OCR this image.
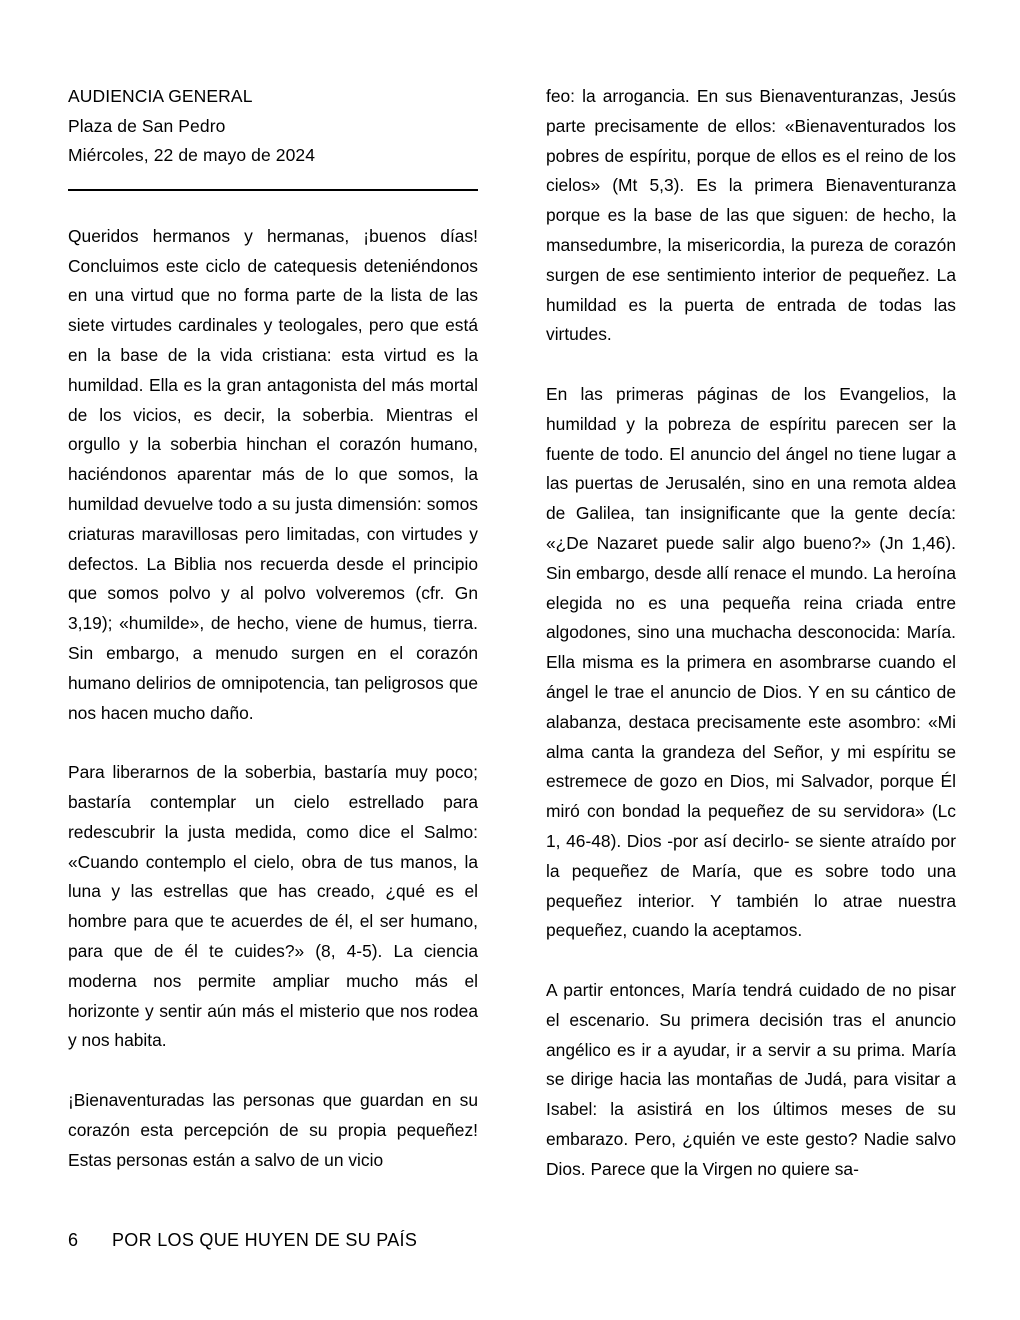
AUDIENCIA GENERAL
Plaza de San Pedro
Miércoles, 22 de mayo de 2024

Queridos hermanos y hermanas, ¡buenos días! Concluimos este ciclo de catequesis deteniéndonos en una virtud que no forma parte de la lista de las siete virtudes cardinales y teologales, pero que está en la base de la vida cristiana: esta virtud es la humildad. Ella es la gran antagonista del más mortal de los vicios, es decir, la soberbia. Mientras el orgullo y la soberbia hinchan el corazón humano, haciéndonos aparentar más de lo que somos, la humildad devuelve todo a su justa dimensión: somos criaturas maravillosas pero limitadas, con virtudes y defectos. La Biblia nos recuerda desde el principio que somos polvo y al polvo volveremos (cfr. Gn 3,19); «humilde», de hecho, viene de humus, tierra. Sin embargo, a menudo surgen en el corazón humano delirios de omnipotencia, tan peligrosos que nos hacen mucho daño.

Para liberarnos de la soberbia, bastaría muy poco; bastaría contemplar un cielo estrellado para redescubrir la justa medida, como dice el Salmo: «Cuando contemplo el cielo, obra de tus manos, la luna y las estrellas que has creado, ¿qué es el hombre para que te acuerdes de él, el ser humano, para que de él te cuides?» (8, 4-5). La ciencia moderna nos permite ampliar mucho más el horizonte y sentir aún más el misterio que nos rodea y nos habita.

¡Bienaventuradas las personas que guardan en su corazón esta percepción de su propia pequeñez! Estas personas están a salvo de un vicio

feo: la arrogancia. En sus Bienaventuranzas, Jesús parte precisamente de ellos: «Bienaventurados los pobres de espíritu, porque de ellos es el reino de los cielos» (Mt 5,3). Es la primera Bienaventuranza porque es la base de las que siguen: de hecho, la mansedumbre, la misericordia, la pureza de corazón surgen de ese sentimiento interior de pequeñez. La humildad es la puerta de entrada de todas las virtudes.

En las primeras páginas de los Evangelios, la humildad y la pobreza de espíritu parecen ser la fuente de todo. El anuncio del ángel no tiene lugar a las puertas de Jerusalén, sino en una remota aldea de Galilea, tan insignificante que la gente decía: «¿De Nazaret puede salir algo bueno?» (Jn 1,46). Sin embargo, desde allí renace el mundo. La heroína elegida no es una pequeña reina criada entre algodones, sino una muchacha desconocida: María. Ella misma es la primera en asombrarse cuando el ángel le trae el anuncio de Dios. Y en su cántico de alabanza, destaca precisamente este asombro: «Mi alma canta la grandeza del Señor, y mi espíritu se estremece de gozo en Dios, mi Salvador, porque Él miró con bondad la pequeñez de su servidora» (Lc 1, 46-48). Dios -por así decirlo- se siente atraído por la pequeñez de María, que es sobre todo una pequeñez interior. Y también lo atrae nuestra pequeñez, cuando la aceptamos.

A partir entonces, María tendrá cuidado de no pisar el escenario. Su primera decisión tras el anuncio angélico es ir a ayudar, ir a servir a su prima. María se dirige hacia las montañas de Judá, para visitar a Isabel: la asistirá en los últimos meses de su embarazo. Pero, ¿quién ve este gesto? Nadie salvo Dios. Parece que la Virgen no quiere sa-

6	POR LOS QUE HUYEN DE SU PAÍS
